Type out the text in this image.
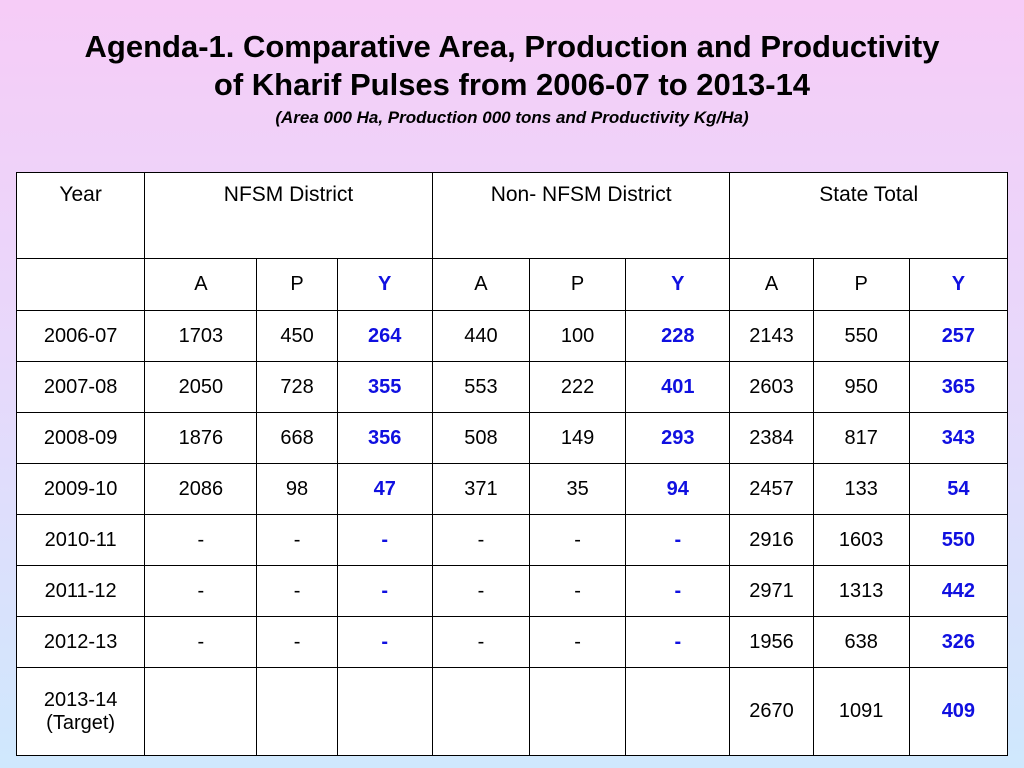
Agenda-1. Comparative Area, Production and Productivity
of Kharif Pulses from 2006-07 to 2013-14
(Area 000 Ha, Production 000 tons and Productivity Kg/Ha)
Year	NFSM District			Non- NFSM District			State Total		
	A	P	Y	A	P	Y	A	P	Y

2006-07	1703	450	264	440	100	228	2143	550	257

2007-08	2050	728	355	553	222	401	2603	950	365

2008-09	1876	668	356	508	149	293	2384	817	343

2009-10	2086	98	47	371	35	94	2457	133	54

2010-11	-	-	-	-	-	-	2916	1603	550

2011-12	-	-	-	-	-	-	2971	1313	442

2012-13	-	-	-	-	-	-	1956	638	326

2013-14
(Target)							2670	1091	409
